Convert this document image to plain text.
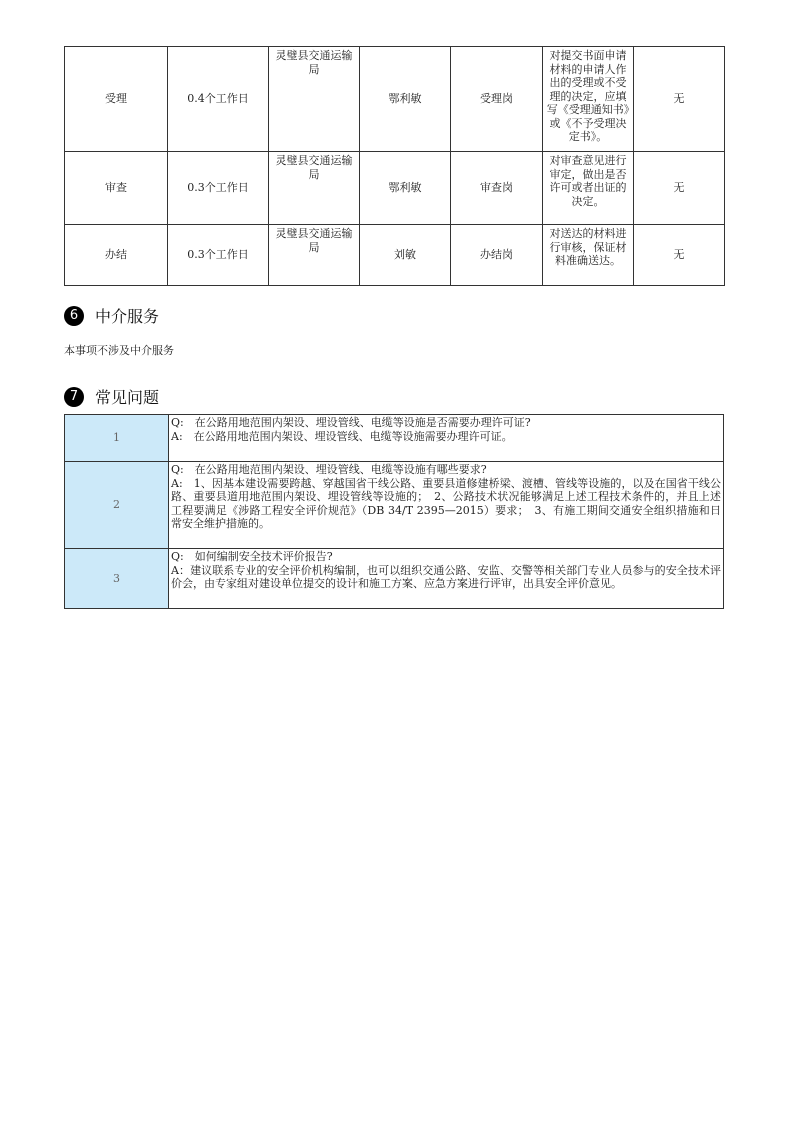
受理	0.4个工作日	灵璧县交通运输局	鄂利敏	受理岗	对提交书面申请材料的申请人作出的受理或不受理的决定，应填写《受理通知书》或《不予受理决定书》。	无
审查	0.3个工作日	灵璧县交通运输局	鄂利敏	审查岗	对审查意见进行审定，做出是否许可或者出证的决定。	无
办结	0.3个工作日	灵璧县交通运输局	刘敏	办结岗	对送达的材料进行审核，保证材料准确送达。	无
6	中介服务
本事项不涉及中介服务
7	常见问题
1	Q:　在公路用地范围内架设、埋设管线、电缆等设施是否需要办理许可证?

A:　在公路用地范围内架设、埋设管线、电缆等设施需要办理许可证。

2	Q:　在公路用地范围内架设、埋设管线、电缆等设施有哪些要求?

A:　1、因基本建设需要跨越、穿越国省干线公路、重要县道修建桥梁、渡槽、管线等设施的，以及在国省干线公路、重要县道用地范围内架设、埋设管线等设施的；　2、公路技术状况能够满足上述工程技术条件的，并且上述工程要满足《涉路工程安全评价规范》（DB 34/T 2395—2015）要求；　3、有施工期间交通安全组织措施和日常安全维护措施的。

3	Q:　如何编制安全技术评价报告?

A：建议联系专业的安全评价机构编制，也可以组织交通公路、安监、交警等相关部门专业人员参与的安全技术评价会，由专家组对建设单位提交的设计和施工方案、应急方案进行评审，出具安全评价意见。
